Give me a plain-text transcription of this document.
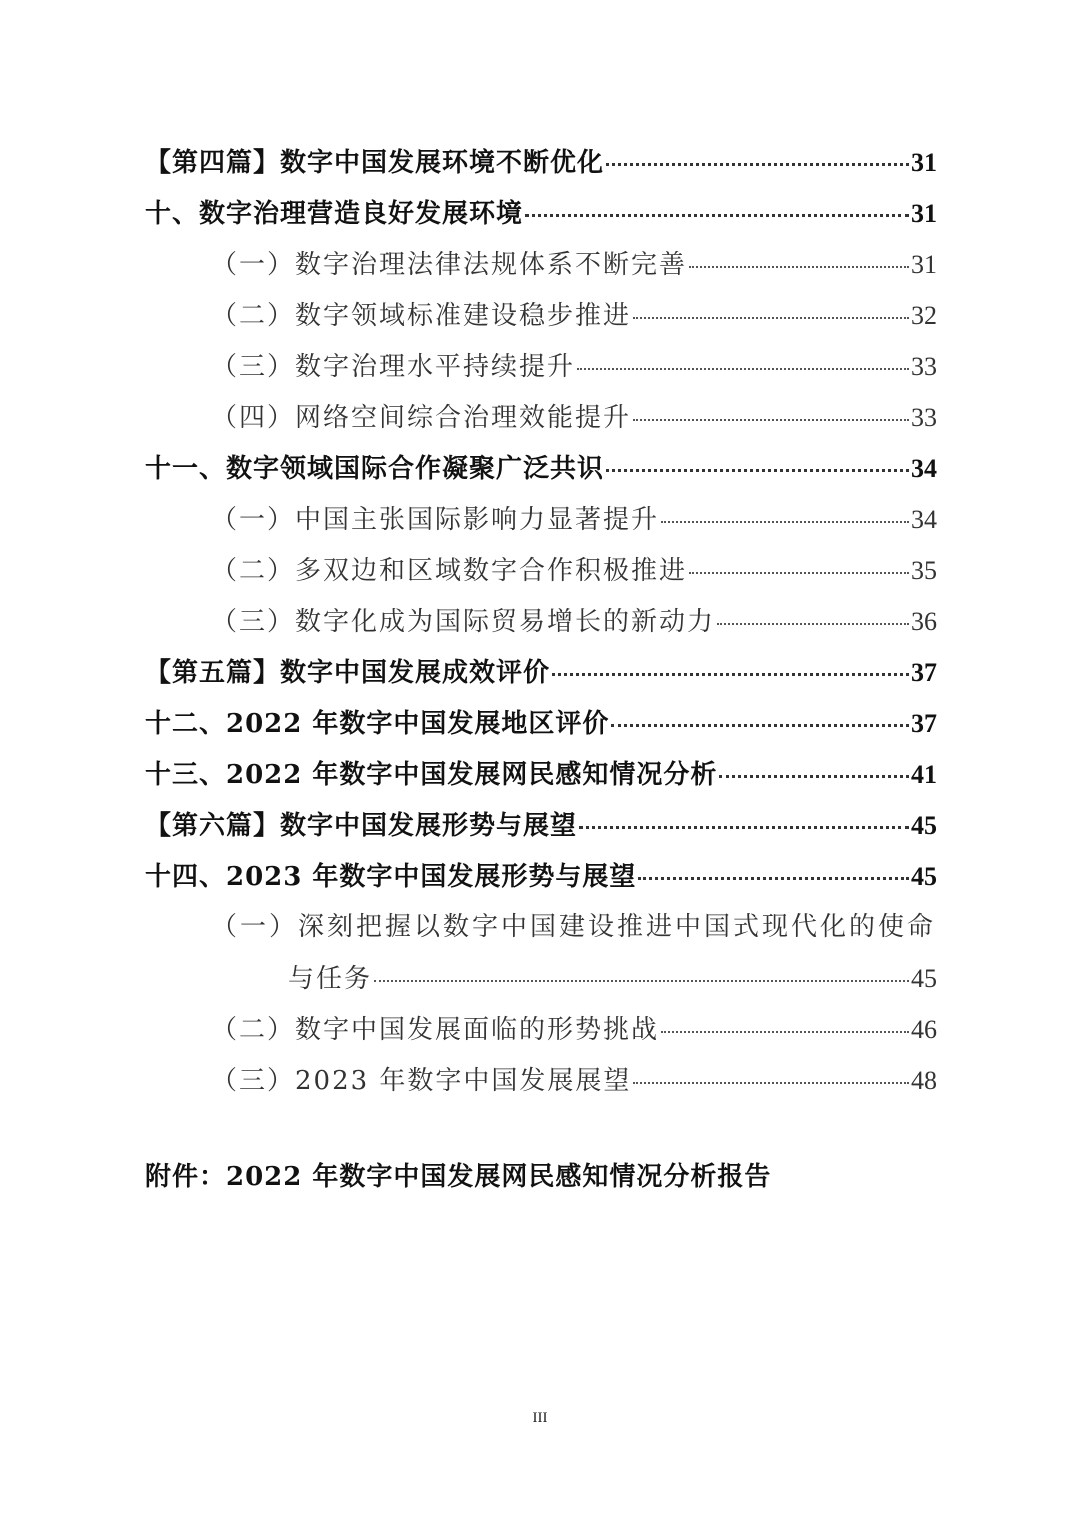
【第四篇】数字中国发展环境不断优化	31
十、数字治理营造良好发展环境	31
（一）数字治理法律法规体系不断完善	31
（二）数字领域标准建设稳步推进	32
（三）数字治理水平持续提升	33
（四）网络空间综合治理效能提升	33
十一、数字领域国际合作凝聚广泛共识	34
（一）中国主张国际影响力显著提升	34
（二）多双边和区域数字合作积极推进	35
（三）数字化成为国际贸易增长的新动力	36
【第五篇】数字中国发展成效评价	37
十二、2022 年数字中国发展地区评价	37
十三、2022 年数字中国发展网民感知情况分析	41
【第六篇】数字中国发展形势与展望	45
十四、2023 年数字中国发展形势与展望	45
（一）深刻把握以数字中国建设推进中国式现代化的使命
与任务	45
（二）数字中国发展面临的形势挑战	46
（三）2023 年数字中国发展展望	48
附件：2022 年数字中国发展网民感知情况分析报告
III
